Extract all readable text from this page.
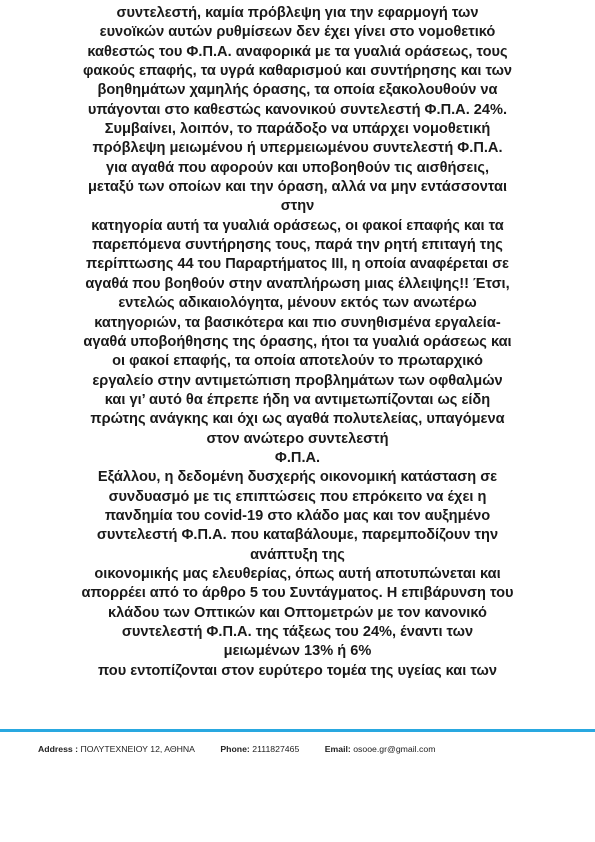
συντελεστή, καμία πρόβλεψη για την εφαρμογή των
ευνοϊκών αυτών ρυθμίσεων δεν έχει γίνει στο νομοθετικό
καθεστώς του Φ.Π.Α. αναφορικά με τα γυαλιά οράσεως, τους
φακούς επαφής, τα υγρά καθαρισμού και συντήρησης και των
βοηθημάτων χαμηλής όρασης, τα οποία εξακολουθούν να
υπάγονται στο καθεστώς κανονικού συντελεστή Φ.Π.Α. 24%.
Συμβαίνει, λοιπόν, το παράδοξο να υπάρχει νομοθετική
πρόβλεψη μειωμένου ή υπερμειωμένου συντελεστή Φ.Π.Α.
για αγαθά που αφορούν και υποβοηθούν τις αισθήσεις,
μεταξύ των οποίων και την όραση, αλλά να μην εντάσσονται
στην
κατηγορία αυτή τα γυαλιά οράσεως, οι φακοί επαφής και τα
παρεπόμενα συντήρησης τους, παρά την ρητή επιταγή της
περίπτωσης 44 του Παραρτήματος ΙΙΙ, η οποία αναφέρεται σε
αγαθά που βοηθούν στην αναπλήρωση μιας έλλειψης!! Έτσι,
εντελώς αδικαιολόγητα, μένουν εκτός των ανωτέρω
κατηγοριών, τα βασικότερα και πιο συνηθισμένα εργαλεία-
αγαθά υποβοήθησης της όρασης, ήτοι τα γυαλιά οράσεως και
οι φακοί επαφής, τα οποία αποτελούν το πρωταρχικό
εργαλείο στην αντιμετώπιση προβλημάτων των οφθαλμών
και γι’ αυτό θα έπρεπε ήδη να αντιμετωπίζονται ως είδη
πρώτης ανάγκης και όχι ως αγαθά πολυτελείας, υπαγόμενα
στον ανώτερο συντελεστή
Φ.Π.Α.
Εξάλλου, η δεδομένη δυσχερής οικονομική κατάσταση σε
συνδυασμό με τις επιπτώσεις που επρόκειτο να έχει η
πανδημία του covid-19 στο κλάδο μας και τον αυξημένο
συντελεστή Φ.Π.Α. που καταβάλουμε, παρεμποδίζουν την
ανάπτυξη της
οικονομικής μας ελευθερίας, όπως αυτή αποτυπώνεται και
απορρέει από το άρθρο 5 του Συντάγματος. Η επιβάρυνση του
κλάδου των Οπτικών και Οπτομετρών με τον κανονικό
συντελεστή Φ.Π.Α. της τάξεως του 24%, έναντι των
μειωμένων 13% ή 6%
που εντοπίζονται στον ευρύτερο τομέα της υγείας και των
Address : ΠΟΛΥΤΕΧΝΕΙΟΥ 12, ΑΘΗΝΑ	Phone: 2111827465	Email: osooe.gr@gmail.com
